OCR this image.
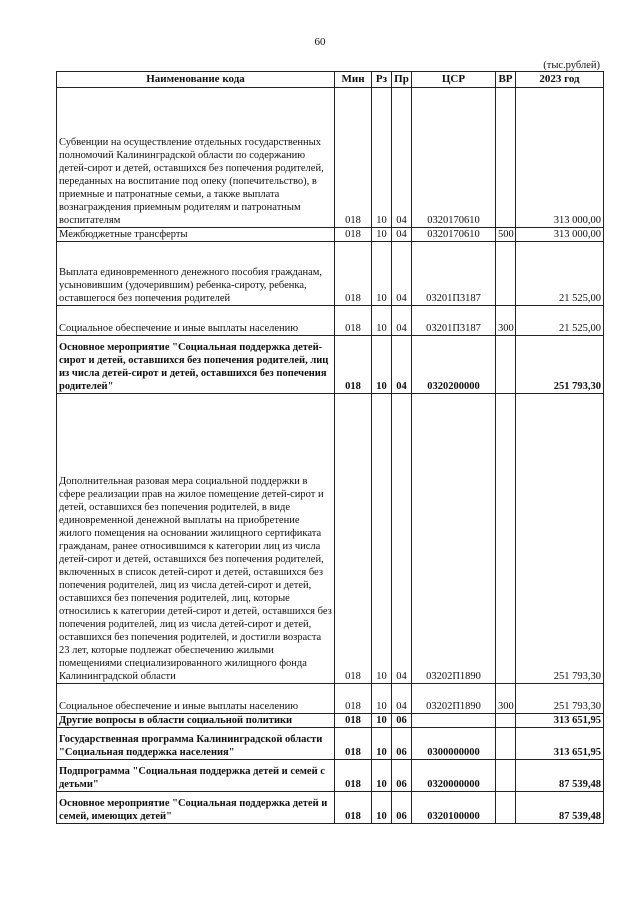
60
(тыс.рублей)
Наименование кода	Мин	Рз	Пр	ЦСР	ВР	2023 год
Субвенции на осуществление отдельных государственных полномочий Калининградской области по содержанию детей-сирот и детей, оставшихся без попечения родителей, переданных на воспитание под опеку (попечительство), в приемные и патронатные семьи, а также выплата вознаграждения приемным родителям и патронатным воспитателям	018	10	04	0320170610		313 000,00
Межбюджетные трансферты	018	10	04	0320170610	500	313 000,00
Выплата единовременного денежного пособия гражданам, усыновившим (удочерившим) ребенка-сироту, ребенка, оставшегося без попечения родителей	018	10	04	03201П3187		21 525,00
Социальное обеспечение и иные выплаты населению	018	10	04	03201П3187	300	21 525,00
Основное мероприятие "Социальная поддержка детей-сирот и детей, оставшихся без попечения родителей, лиц из числа детей-сирот и детей, оставшихся без попечения родителей"	018	10	04	0320200000		251 793,30
Дополнительная разовая мера социальной поддержки в сфере реализации прав на жилое помещение детей-сирот и детей, оставшихся без попечения родителей, в виде единовременной денежной выплаты на приобретение жилого помещения на основании жилищного сертификата гражданам, ранее относившимся к категории лиц из числа детей-сирот и детей, оставшихся без попечения родителей, включенных в список детей-сирот и детей, оставшихся без попечения родителей, лиц из числа детей-сирот и детей, оставшихся без попечения родителей, лиц, которые относились к категории детей-сирот и детей, оставшихся без попечения родителей, лиц из числа детей-сирот и детей, оставшихся без попечения родителей, и достигли возраста 23 лет, которые подлежат обеспечению жилыми помещениями специализированного жилищного фонда Калининградской области	018	10	04	03202П1890		251 793,30
Социальное обеспечение и иные выплаты населению	018	10	04	03202П1890	300	251 793,30
Другие вопросы в области социальной политики	018	10	06			313 651,95
Государственная программа Калининградской области "Социальная поддержка населения"	018	10	06	0300000000		313 651,95
Подпрограмма "Социальная поддержка детей и семей с детьми"	018	10	06	0320000000		87 539,48
Основное мероприятие "Социальная поддержка детей и семей, имеющих детей"	018	10	06	0320100000		87 539,48
